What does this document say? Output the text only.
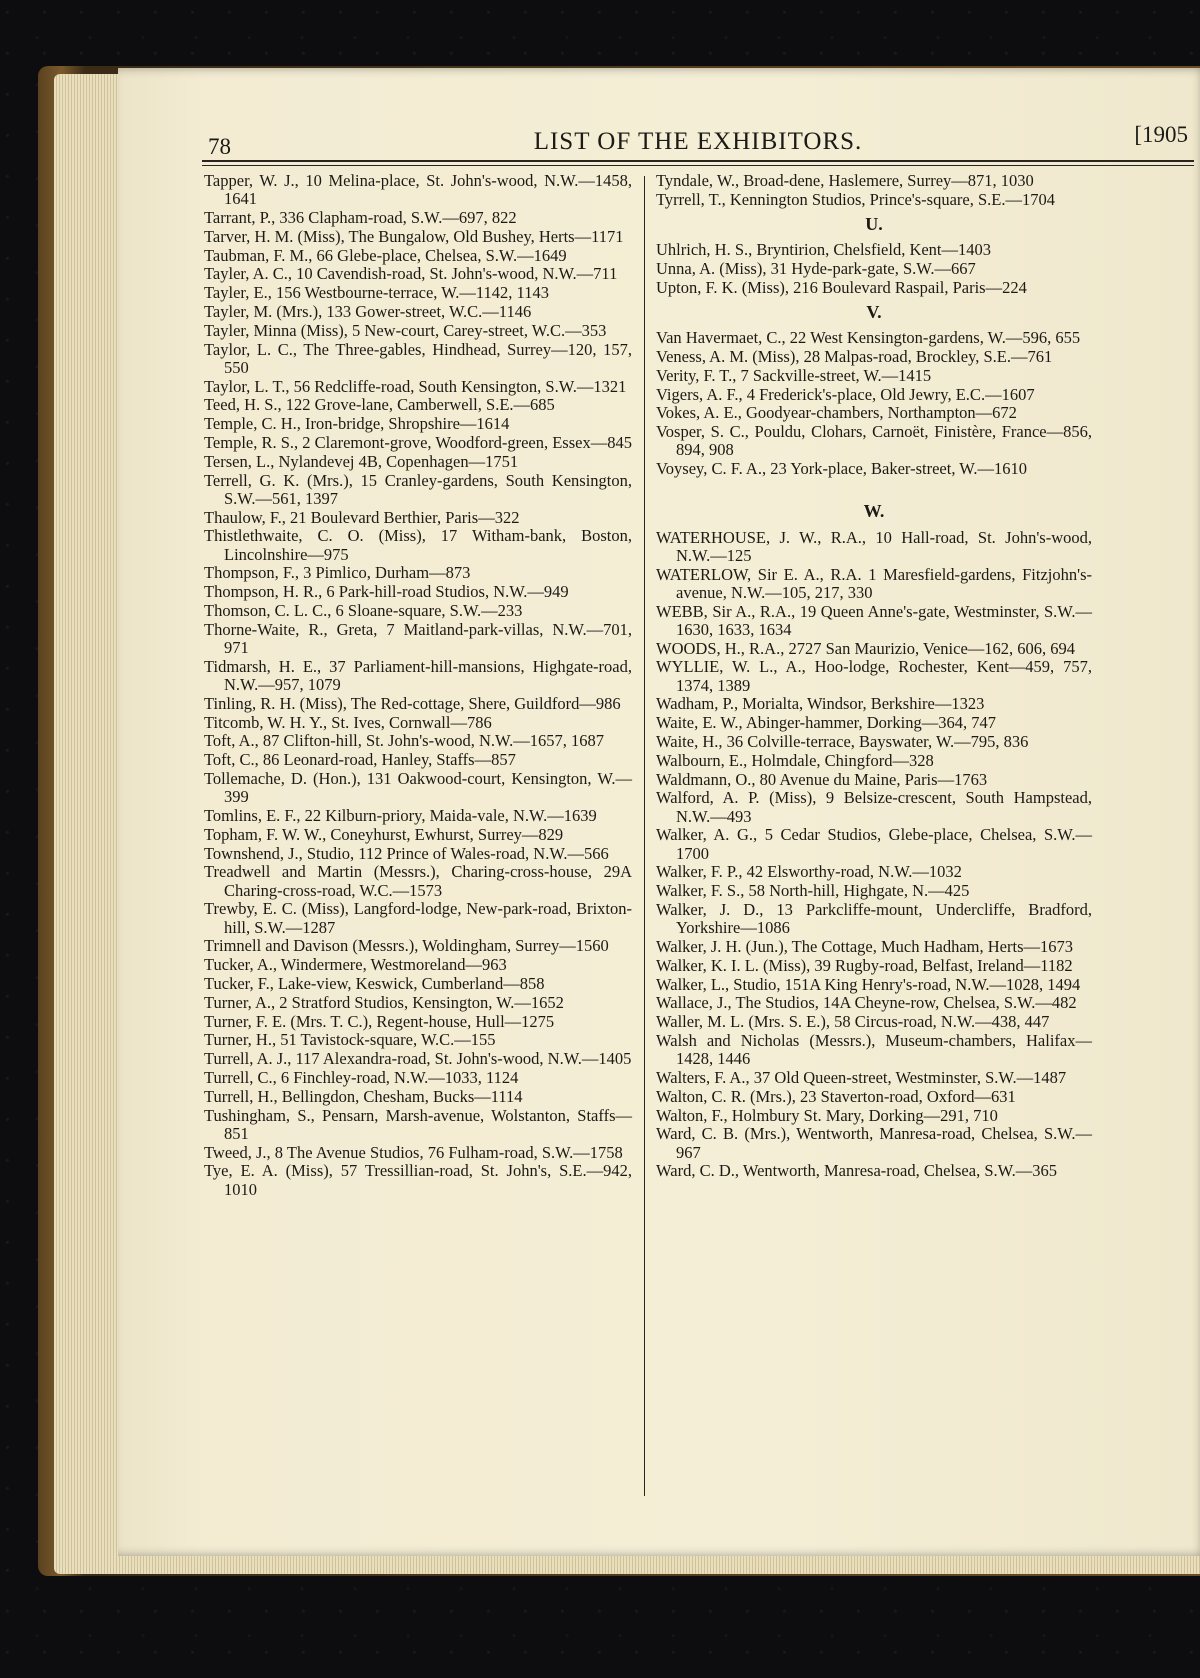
78	LIST OF THE EXHIBITORS.	[1905

Tapper, W. J., 10 Melina-place, St. John's-wood, N.W.—1458, 1641

Tarrant, P., 336 Clapham-road, S.W.—697, 822

Tarver, H. M. (Miss), The Bungalow, Old Bushey, Herts—1171

Taubman, F. M., 66 Glebe-place, Chelsea, S.W.—1649

Tayler, A. C., 10 Cavendish-road, St. John's-wood, N.W.—711

Tayler, E., 156 Westbourne-terrace, W.—1142, 1143

Tayler, M. (Mrs.), 133 Gower-street, W.C.—1146

Tayler, Minna (Miss), 5 New-court, Carey-street, W.C.—353

Taylor, L. C., The Three-gables, Hindhead, Surrey—120, 157, 550

Taylor, L. T., 56 Redcliffe-road, South Kensington, S.W.—1321

Teed, H. S., 122 Grove-lane, Camberwell, S.E.—685

Temple, C. H., Iron-bridge, Shropshire—1614

Temple, R. S., 2 Claremont-grove, Woodford-green, Essex—845

Tersen, L., Nylandevej 4B, Copenhagen—1751

Terrell, G. K. (Mrs.), 15 Cranley-gardens, South Kensington, S.W.—561, 1397

Thaulow, F., 21 Boulevard Berthier, Paris—322

Thistlethwaite, C. O. (Miss), 17 Witham-bank, Boston, Lincolnshire—975

Thompson, F., 3 Pimlico, Durham—873

Thompson, H. R., 6 Park-hill-road Studios, N.W.—949

Thomson, C. L. C., 6 Sloane-square, S.W.—233

Thorne-Waite, R., Greta, 7 Maitland-park-villas, N.W.—701, 971

Tidmarsh, H. E., 37 Parliament-hill-mansions, Highgate-road, N.W.—957, 1079

Tinling, R. H. (Miss), The Red-cottage, Shere, Guildford—986

Titcomb, W. H. Y., St. Ives, Cornwall—786

Toft, A., 87 Clifton-hill, St. John's-wood, N.W.—1657, 1687

Toft, C., 86 Leonard-road, Hanley, Staffs—857

Tollemache, D. (Hon.), 131 Oakwood-court, Kensington, W.—399

Tomlins, E. F., 22 Kilburn-priory, Maida-vale, N.W.—1639

Topham, F. W. W., Coneyhurst, Ewhurst, Surrey—829

Townshend, J., Studio, 112 Prince of Wales-road, N.W.—566

Treadwell and Martin (Messrs.), Charing-cross-house, 29A Charing-cross-road, W.C.—1573

Trewby, E. C. (Miss), Langford-lodge, New-park-road, Brixton-hill, S.W.—1287

Trimnell and Davison (Messrs.), Woldingham, Surrey—1560

Tucker, A., Windermere, Westmoreland—963

Tucker, F., Lake-view, Keswick, Cumberland—858

Turner, A., 2 Stratford Studios, Kensington, W.—1652

Turner, F. E. (Mrs. T. C.), Regent-house, Hull—1275

Turner, H., 51 Tavistock-square, W.C.—155

Turrell, A. J., 117 Alexandra-road, St. John's-wood, N.W.—1405

Turrell, C., 6 Finchley-road, N.W.—1033, 1124

Turrell, H., Bellingdon, Chesham, Bucks—1114

Tushingham, S., Pensarn, Marsh-avenue, Wolstanton, Staffs—851

Tweed, J., 8 The Avenue Studios, 76 Fulham-road, S.W.—1758

Tye, E. A. (Miss), 57 Tressillian-road, St. John's, S.E.—942, 1010

Tyndale, W., Broad-dene, Haslemere, Surrey—871, 1030

Tyrrell, T., Kennington Studios, Prince's-square, S.E.—1704

U.

Uhlrich, H. S., Bryntirion, Chelsfield, Kent—1403

Unna, A. (Miss), 31 Hyde-park-gate, S.W.—667

Upton, F. K. (Miss), 216 Boulevard Raspail, Paris—224

V.

Van Havermaet, C., 22 West Kensington-gardens, W.—596, 655

Veness, A. M. (Miss), 28 Malpas-road, Brockley, S.E.—761

Verity, F. T., 7 Sackville-street, W.—1415

Vigers, A. F., 4 Frederick's-place, Old Jewry, E.C.—1607

Vokes, A. E., Goodyear-chambers, Northampton—672

Vosper, S. C., Pouldu, Clohars, Carnoët, Finistère, France—856, 894, 908

Voysey, C. F. A., 23 York-place, Baker-street, W.—1610

W.

WATERHOUSE, J. W., R.A., 10 Hall-road, St. John's-wood, N.W.—125

WATERLOW, Sir E. A., R.A. 1 Maresfield-gardens, Fitzjohn's-avenue, N.W.—105, 217, 330

WEBB, Sir A., R.A., 19 Queen Anne's-gate, Westminster, S.W.—1630, 1633, 1634

WOODS, H., R.A., 2727 San Maurizio, Venice—162, 606, 694

WYLLIE, W. L., A., Hoo-lodge, Rochester, Kent—459, 757, 1374, 1389

Wadham, P., Morialta, Windsor, Berkshire—1323

Waite, E. W., Abinger-hammer, Dorking—364, 747

Waite, H., 36 Colville-terrace, Bayswater, W.—795, 836

Walbourn, E., Holmdale, Chingford—328

Waldmann, O., 80 Avenue du Maine, Paris—1763

Walford, A. P. (Miss), 9 Belsize-crescent, South Hampstead, N.W.—493

Walker, A. G., 5 Cedar Studios, Glebe-place, Chelsea, S.W.—1700

Walker, F. P., 42 Elsworthy-road, N.W.—1032

Walker, F. S., 58 North-hill, Highgate, N.—425

Walker, J. D., 13 Parkcliffe-mount, Undercliffe, Bradford, Yorkshire—1086

Walker, J. H. (Jun.), The Cottage, Much Hadham, Herts—1673

Walker, K. I. L. (Miss), 39 Rugby-road, Belfast, Ireland—1182

Walker, L., Studio, 151A King Henry's-road, N.W.—1028, 1494

Wallace, J., The Studios, 14A Cheyne-row, Chelsea, S.W.—482

Waller, M. L. (Mrs. S. E.), 58 Circus-road, N.W.—438, 447

Walsh and Nicholas (Messrs.), Museum-chambers, Halifax—1428, 1446

Walters, F. A., 37 Old Queen-street, Westminster, S.W.—1487

Walton, C. R. (Mrs.), 23 Staverton-road, Oxford—631

Walton, F., Holmbury St. Mary, Dorking—291, 710

Ward, C. B. (Mrs.), Wentworth, Manresa-road, Chelsea, S.W.—967

Ward, C. D., Wentworth, Manresa-road, Chelsea, S.W.—365
